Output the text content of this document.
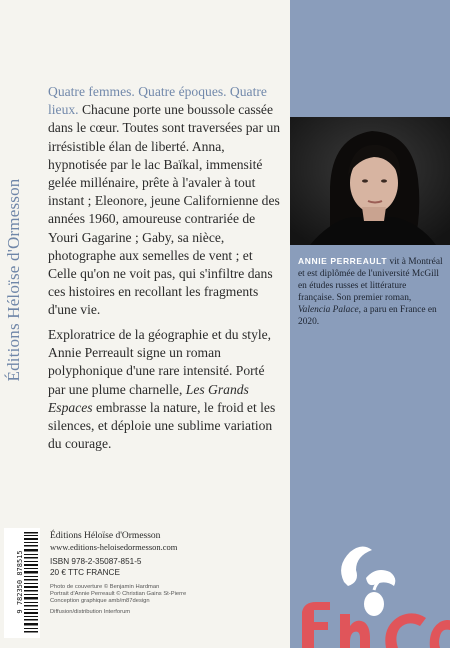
Éditions Héloïse d'Ormesson
Quatre femmes. Quatre époques. Quatre lieux. Chacune porte une boussole cassée dans le cœur. Toutes sont traversées par un irrésistible élan de liberté. Anna, hypnotisée par le lac Baïkal, immensité gelée millénaire, prête à l'avaler à tout instant ; Eleonore, jeune Californienne des années 1960, amoureuse contrariée de Youri Gagarine ; Gaby, sa nièce, photographe aux semelles de vent ; et Celle qu'on ne voit pas, qui s'infiltre dans ces histoires en recollant les fragments d'une vie.
Exploratrice de la géographie et du style, Annie Perreault signe un roman polyphonique d'une rare intensité. Porté par une plume charnelle, Les Grands Espaces embrasse la nature, le froid et les silences, et déploie une sublime variation du courage.
9 782350 878515
Éditions Héloïse d'Ormesson
www.editions-heloisedormesson.com
ISBN 978-2-35087-851-5
20 € TTC FRANCE
Photo de couverture © Benjamin Hardman
Portrait d'Annie Perreault © Christian Gains St-Pierre
Conception graphique amb/m87design
Diffusion/distribution Interforum
ANNIE PERREAULT vit à Montréal et est diplômée de l'université McGill en études russes et littérature française. Son premier roman, Valencia Palace, a paru en France en 2020.
